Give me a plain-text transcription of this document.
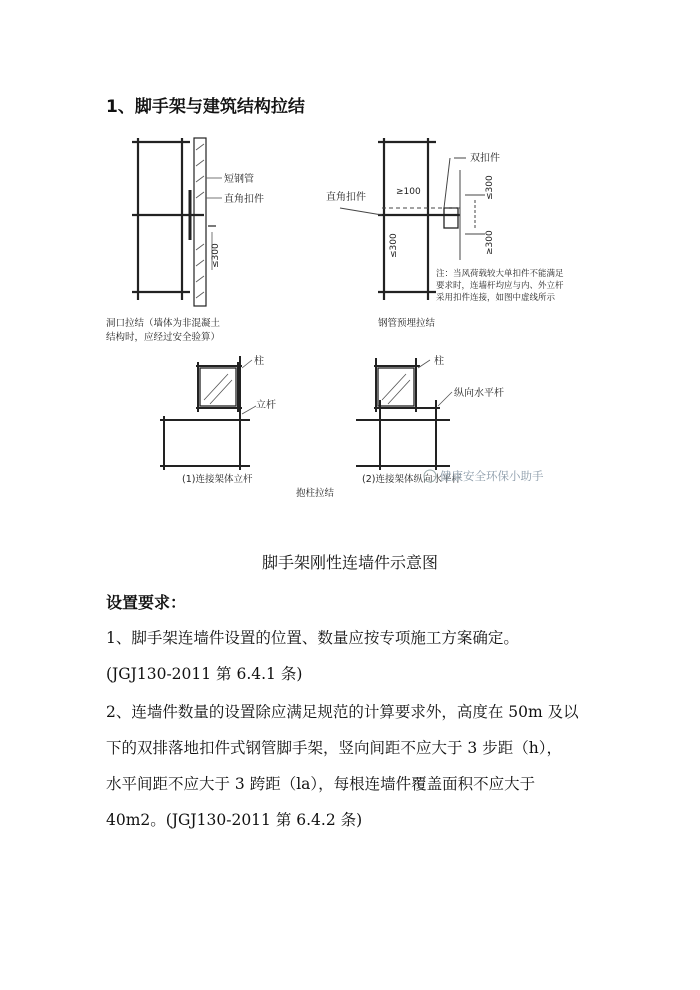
1、脚手架与建筑结构拉结
短钢管
直角扣件
≤300
洞口拉结（墙体为非混凝土
结构时，应经过安全验算）
双扣件
≥100	≤300
直角扣件
≤300	≥300
注：当风荷载较大单扣件不能满足
要求时，连墙杆均应与内、外立杆
采用扣件连接，如图中虚线所示
钢管预埋拉结
柱
立杆
(1)连接架体立杆
柱
纵向水平杆
(2)连接架体纵向水平杆
抱柱拉结
健康安全环保小助手
脚手架刚性连墙件示意图
设置要求：
1、脚手架连墙件设置的位置、数量应按专项施工方案确定。
(JGJ130-2011 第 6.4.1 条)
2、连墙件数量的设置除应满足规范的计算要求外，高度在 50m 及以
下的双排落地扣件式钢管脚手架，竖向间距不应大于 3 步距（h），
水平间距不应大于 3 跨距（la），每根连墙件覆盖面积不应大于
40m2。(JGJ130-2011 第 6.4.2 条)
